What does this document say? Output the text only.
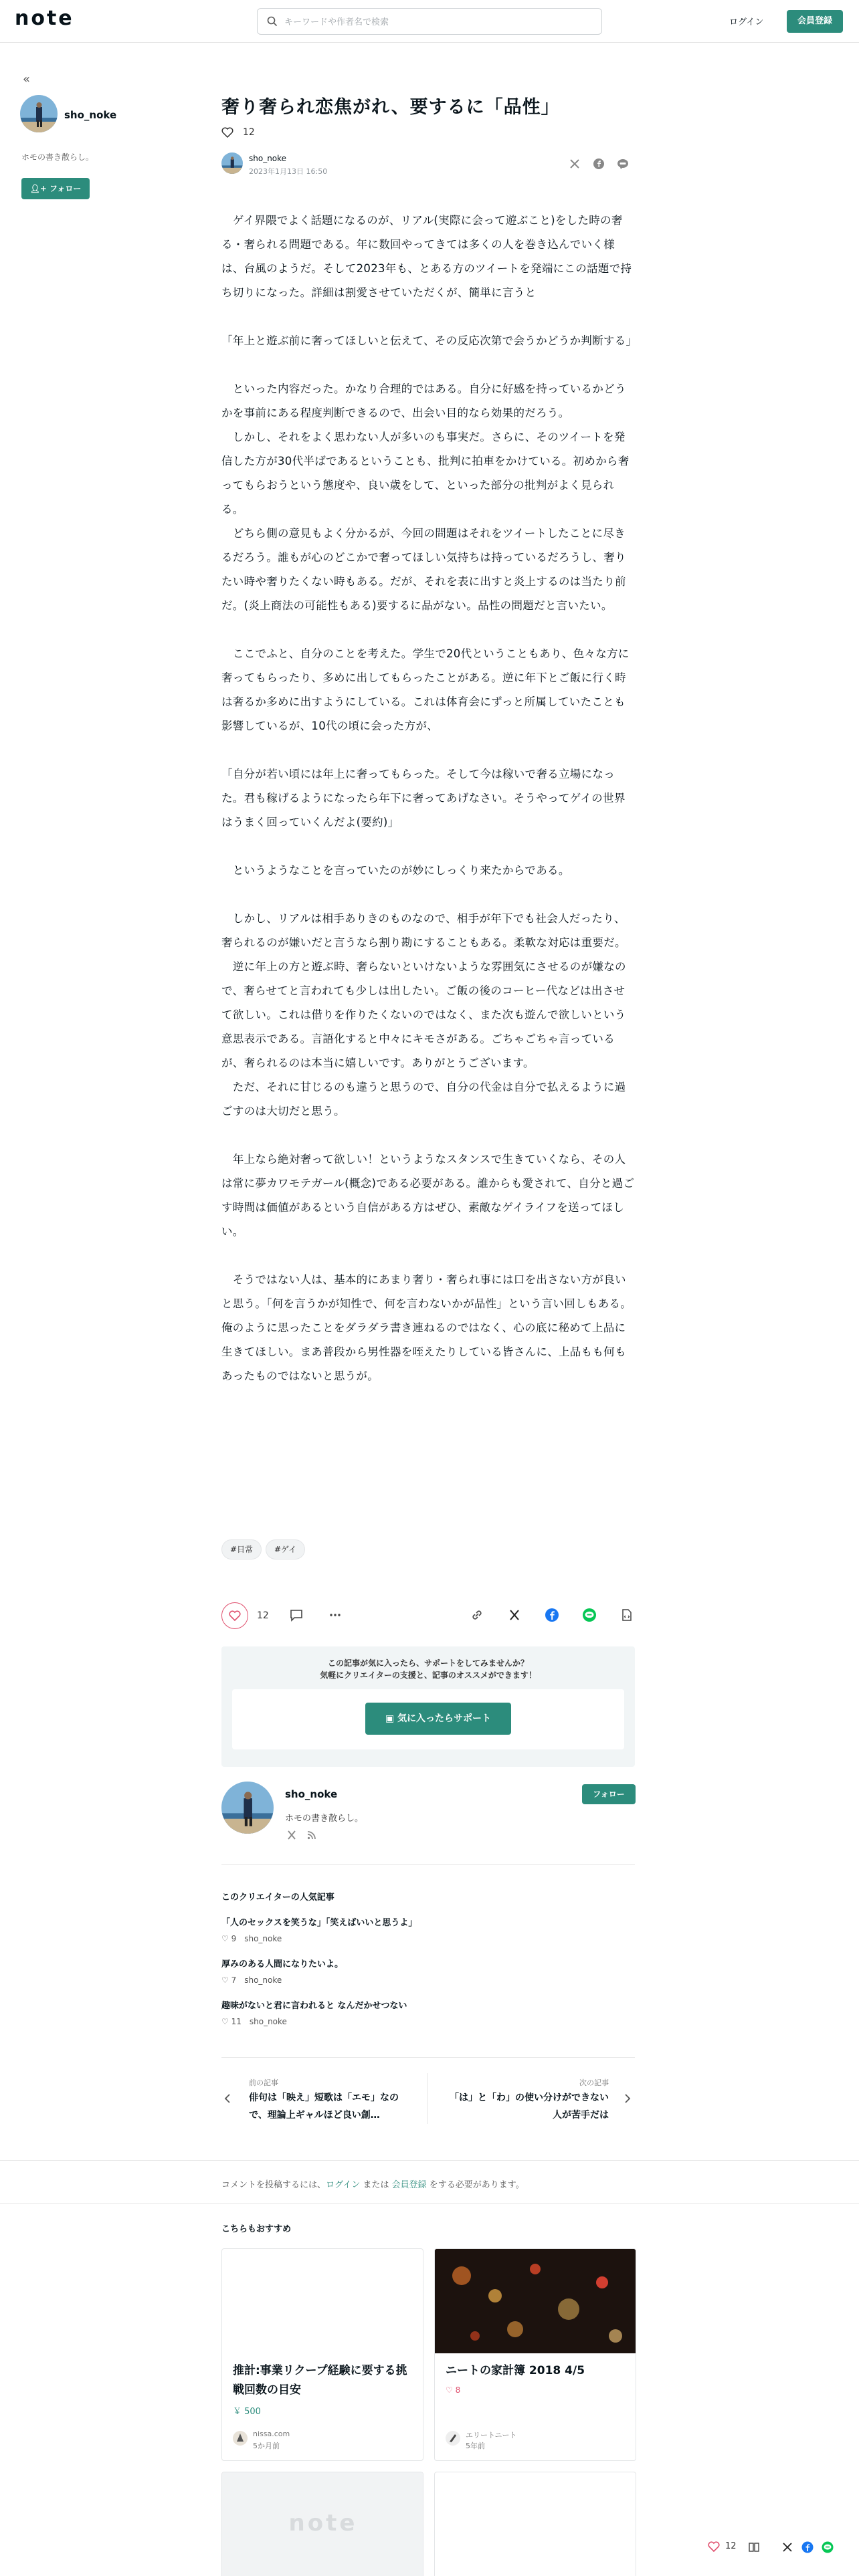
note
キーワードや作者名で検索	ログイン	会員登録
«
sho_noke
ホモの書き散らし。
👤︎+ フォロー
奢り奢られ恋焦がれ、要するに「品性」
12
sho_noke
2023年1月13日 16:50

　ゲイ界隈でよく話題になるのが、リアル(実際に会って遊ぶこと)をした時の奢る・奢られる問題である。年に数回やってきては多くの人を巻き込んでいく様は、台風のようだ。そして2023年も、とある方のツイートを発端にこの話題で持ち切りになった。詳細は割愛させていただくが、簡単に言うと

「年上と遊ぶ前に奢ってほしいと伝えて、その反応次第で会うかどうか判断する」

　といった内容だった。かなり合理的ではある。自分に好感を持っているかどうかを事前にある程度判断できるので、出会い目的なら効果的だろう。

　しかし、それをよく思わない人が多いのも事実だ。さらに、そのツイートを発信した方が30代半ばであるということも、批判に拍車をかけている。初めから奢ってもらおうという態度や、良い歳をして、といった部分の批判がよく見られる。

　どちら側の意見もよく分かるが、今回の問題はそれをツイートしたことに尽きるだろう。誰もが心のどこかで奢ってほしい気持ちは持っているだろうし、奢りたい時や奢りたくない時もある。だが、それを表に出すと炎上するのは当たり前だ。(炎上商法の可能性もある)要するに品がない。品性の問題だと言いたい。

　ここでふと、自分のことを考えた。学生で20代ということもあり、色々な方に奢ってもらったり、多めに出してもらったことがある。逆に年下とご飯に行く時は奢るか多めに出すようにしている。これは体育会にずっと所属していたことも影響しているが、10代の頃に会った方が、

「自分が若い頃には年上に奢ってもらった。そして今は稼いで奢る立場になった。君も稼げるようになったら年下に奢ってあげなさい。そうやってゲイの世界はうまく回っていくんだよ(要約)」

　というようなことを言っていたのが妙にしっくり来たからである。

　しかし、リアルは相手ありきのものなので、相手が年下でも社会人だったり、奢られるのが嫌いだと言うなら割り勘にすることもある。柔軟な対応は重要だ。

　逆に年上の方と遊ぶ時、奢らないといけないような雰囲気にさせるのが嫌なので、奢らせてと言われても少しは出したい。ご飯の後のコーヒー代などは出させて欲しい。これは借りを作りたくないのではなく、また次も遊んで欲しいという意思表示である。言語化すると中々にキモさがある。ごちゃごちゃ言っているが、奢られるのは本当に嬉しいです。ありがとうございます。

　ただ、それに甘じるのも違うと思うので、自分の代金は自分で払えるように過ごすのは大切だと思う。

　年上なら絶対奢って欲しい！というようなスタンスで生きていくなら、その人は常に夢カワモテガール(概念)である必要がある。誰からも愛されて、自分と過ごす時間は価値があるという自信がある方はぜひ、素敵なゲイライフを送ってほしい。

　そうではない人は、基本的にあまり奢り・奢られ事には口を出さない方が良いと思う。「何を言うかが知性で、何を言わないかが品性」という言い回しもある。俺のように思ったことをダラダラ書き連ねるのではなく、心の底に秘めて上品に生きてほしい。まあ普段から男性器を咥えたりしている皆さんに、上品もも何もあったものではないと思うが。

#日常	#ゲイ
12
この記事が気に入ったら、サポートをしてみませんか？
気軽にクリエイターの支援と、記事のオススメができます！
▣ 気に入ったらサポート
sho_noke
ホモの書き散らし。
フォロー
このクリエイターの人気記事
「人のセックスを笑うな」「笑えばいいと思うよ」
♡ 9  sho_noke
厚みのある人間になりたいよ。
♡ 7  sho_noke
趣味がないと君に言われると なんだかせつない
♡ 11  sho_noke
前の記事
俳句は「映え」短歌は「エモ」なので、理論上ギャルほど良い創…
次の記事
「は」と「わ」の使い分けができない人が苦手だは
コメントを投稿するには、ログイン または 会員登録 をする必要があります。
こちらもおすすめ
推計:事業リクープ経験に要する挑戦回数の目安
￥ 500
nissa.com
5か月前
ニートの家計簿 2018 4/5
♡ 8
エリートニート
5年前
note
12
